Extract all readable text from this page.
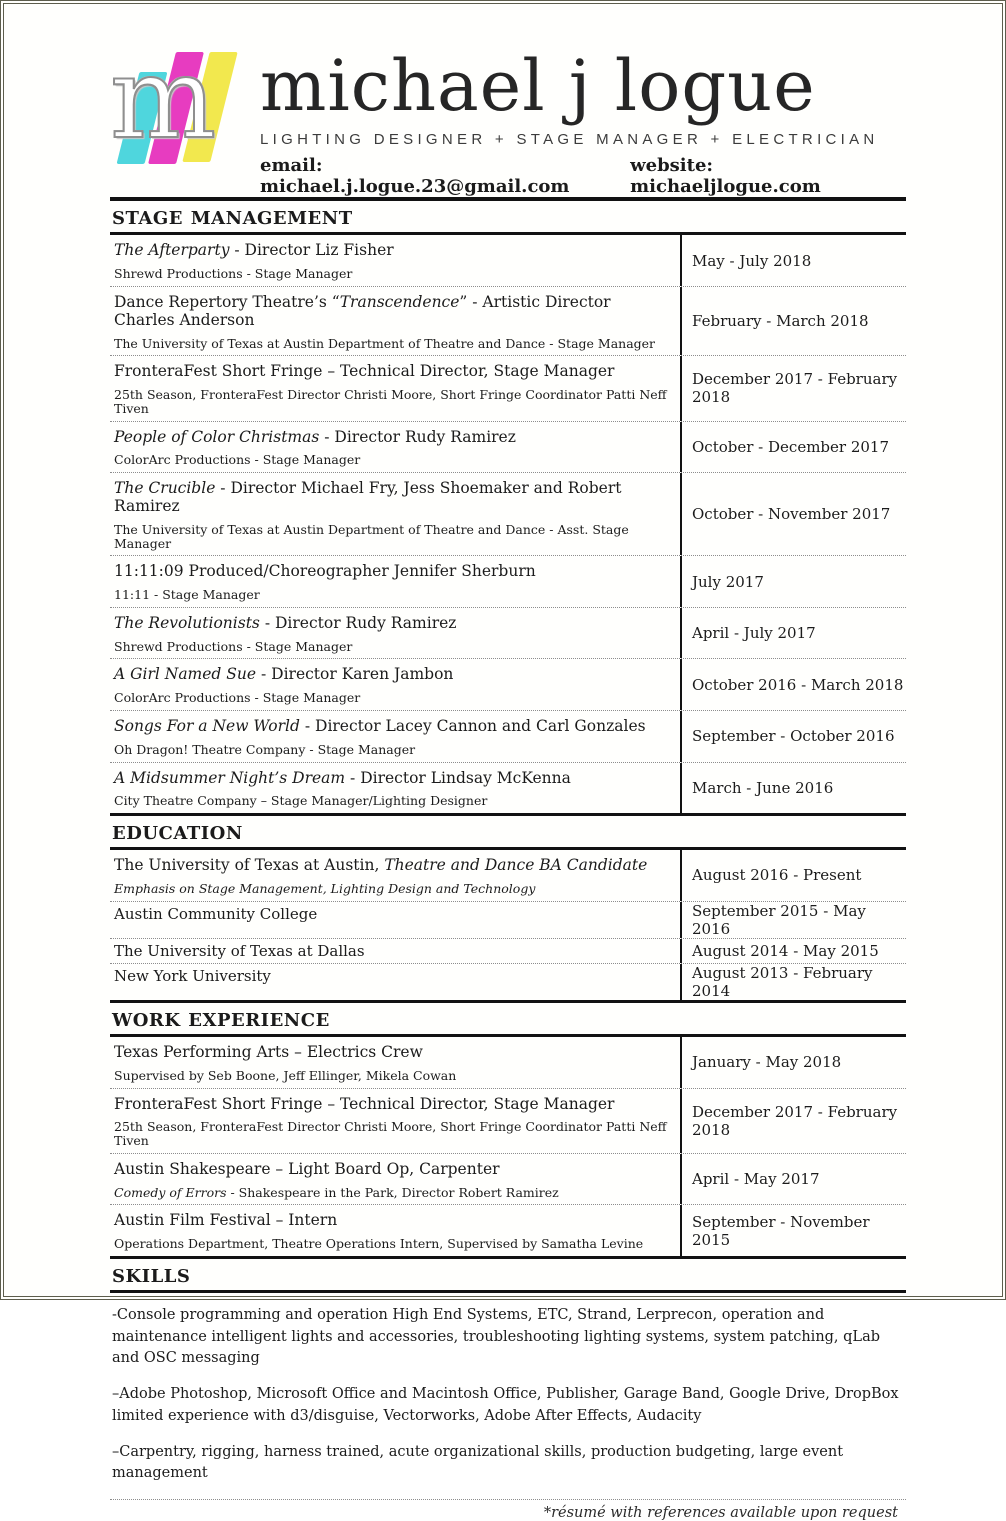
m michael j logue
LIGHTING DESIGNER + STAGE MANAGER + ELECTRICIAN
email: michael.j.logue.23@gmail.com
website: michaeljlogue.com
STAGE MANAGEMENT
The Afterparty - Director Liz Fisher
Shrewd Productions - Stage Manager
May - July 2018
Dance Repertory Theatre’s “Transcendence” - Artistic Director Charles Anderson
The University of Texas at Austin Department of Theatre and Dance - Stage Manager
February - March 2018
FronteraFest Short Fringe – Technical Director, Stage Manager
25th Season, FronteraFest Director Christi Moore, Short Fringe Coordinator Patti Neff Tiven
December 2017 - February 2018
People of Color Christmas - Director Rudy Ramirez
ColorArc Productions - Stage Manager
October - December 2017
The Crucible - Director Michael Fry, Jess Shoemaker and Robert Ramirez
The University of Texas at Austin Department of Theatre and Dance - Asst. Stage Manager
October - November 2017
11:11:09 Produced/Choreographer Jennifer Sherburn
11:11 - Stage Manager
July 2017
The Revolutionists - Director Rudy Ramirez
Shrewd Productions - Stage Manager
April - July 2017
A Girl Named Sue - Director Karen Jambon
ColorArc Productions - Stage Manager
October 2016 - March 2018
Songs For a New World - Director Lacey Cannon and Carl Gonzales
Oh Dragon! Theatre Company - Stage Manager
September - October 2016
A Midsummer Night’s Dream - Director Lindsay McKenna
City Theatre Company – Stage Manager/Lighting Designer
March - June 2016
EDUCATION
The University of Texas at Austin, Theatre and Dance BA Candidate
Emphasis on Stage Management, Lighting Design and Technology
August 2016 - Present
Austin Community College	September 2015 - May 2016
The University of Texas at Dallas	August 2014 - May 2015
New York University	August 2013 - February 2014
WORK EXPERIENCE
Texas Performing Arts – Electrics Crew
Supervised by Seb Boone, Jeff Ellinger, Mikela Cowan
January - May 2018
FronteraFest Short Fringe – Technical Director, Stage Manager
25th Season, FronteraFest Director Christi Moore, Short Fringe Coordinator Patti Neff Tiven
December 2017 - February 2018
Austin Shakespeare – Light Board Op, Carpenter
Comedy of Errors - Shakespeare in the Park, Director Robert Ramirez
April - May 2017
Austin Film Festival – Intern
Operations Department, Theatre Operations Intern, Supervised by Samatha Levine
September - November 2015
SKILLS

-Console programming and operation High End Systems, ETC, Strand, Lerprecon, operation and maintenance intelligent lights and accessories, troubleshooting lighting systems, system patching, qLab and OSC messaging

–Adobe Photoshop, Microsoft Office and Macintosh Office, Publisher, Garage Band, Google Drive, DropBox limited experience with d3/disguise, Vectorworks, Adobe After Effects, Audacity

–Carpentry, rigging, harness trained, acute organizational skills, production budgeting, large event management

*résumé with references available upon request
